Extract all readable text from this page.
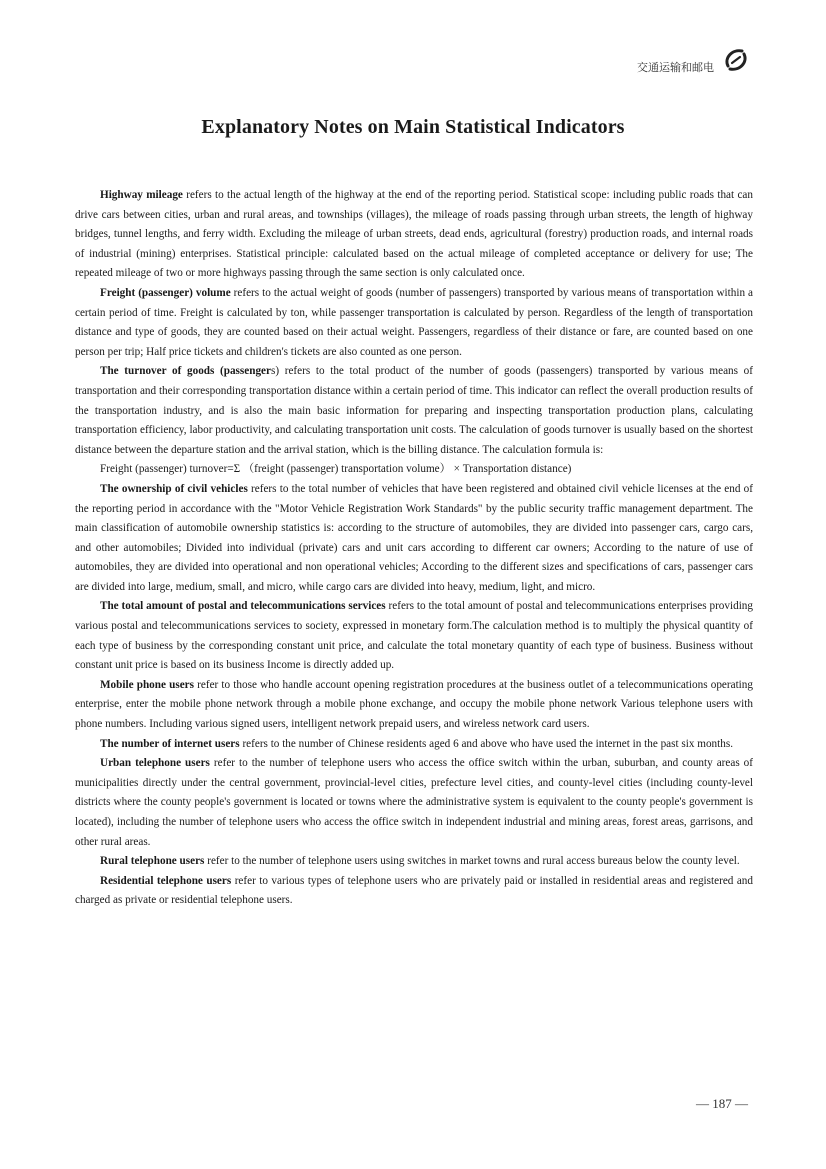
交通运输和邮电
Explanatory Notes on Main Statistical Indicators

Highway mileage refers to the actual length of the highway at the end of the reporting period. Statistical scope: including public roads that can drive cars between cities, urban and rural areas, and townships (villages), the mileage of roads passing through urban streets, the length of highway bridges, tunnel lengths, and ferry width. Excluding the mileage of urban streets, dead ends, agricultural (forestry) production roads, and internal roads of industrial (mining) enterprises. Statistical principle: calculated based on the actual mileage of completed acceptance or delivery for use; The repeated mileage of two or more highways passing through the same section is only calculated once.

Freight (passenger) volume refers to the actual weight of goods (number of passengers) transported by various means of transportation within a certain period of time. Freight is calculated by ton, while passenger transportation is calculated by person. Regardless of the length of transportation distance and type of goods, they are counted based on their actual weight. Passengers, regardless of their distance or fare, are counted based on one person per trip; Half price tickets and children's tickets are also counted as one person.

The turnover of goods (passengers) refers to the total product of the number of goods (passengers) transported by various means of transportation and their corresponding transportation distance within a certain period of time. This indicator can reflect the overall production results of the transportation industry, and is also the main basic information for preparing and inspecting transportation production plans, calculating transportation efficiency, labor productivity, and calculating transportation unit costs. The calculation of goods turnover is usually based on the shortest distance between the departure station and the arrival station, which is the billing distance. The calculation formula is:

Freight (passenger) turnover=Σ （freight (passenger) transportation volume） × Transportation distance)

The ownership of civil vehicles refers to the total number of vehicles that have been registered and obtained civil vehicle licenses at the end of the reporting period in accordance with the "Motor Vehicle Registration Work Standards" by the public security traffic management department. The main classification of automobile ownership statistics is: according to the structure of automobiles, they are divided into passenger cars, cargo cars, and other automobiles; Divided into individual (private) cars and unit cars according to different car owners; According to the nature of use of automobiles, they are divided into operational and non operational vehicles; According to the different sizes and specifications of cars, passenger cars are divided into large, medium, small, and micro, while cargo cars are divided into heavy, medium, light, and micro.

The total amount of postal and telecommunications services refers to the total amount of postal and telecommunications enterprises providing various postal and telecommunications services to society, expressed in monetary form.The calculation method is to multiply the physical quantity of each type of business by the corresponding constant unit price, and calculate the total monetary quantity of each type of business. Business without constant unit price is based on its business Income is directly added up.

Mobile phone users refer to those who handle account opening registration procedures at the business outlet of a telecommunications operating enterprise, enter the mobile phone network through a mobile phone exchange, and occupy the mobile phone network Various telephone users with phone numbers. Including various signed users, intelligent network prepaid users, and wireless network card users.

The number of internet users refers to the number of Chinese residents aged 6 and above who have used the internet in the past six months.

Urban telephone users refer to the number of telephone users who access the office switch within the urban, suburban, and county areas of municipalities directly under the central government, provincial-level cities, prefecture level cities, and county-level cities (including county-level districts where the county people's government is located or towns where the administrative system is equivalent to the county people's government is located), including the number of telephone users who access the office switch in independent industrial and mining areas, forest areas, garrisons, and other rural areas.

Rural telephone users refer to the number of telephone users using switches in market towns and rural access bureaus below the county level.

Residential telephone users refer to various types of telephone users who are privately paid or installed in residential areas and registered and charged as private or residential telephone users.

— 187 —
